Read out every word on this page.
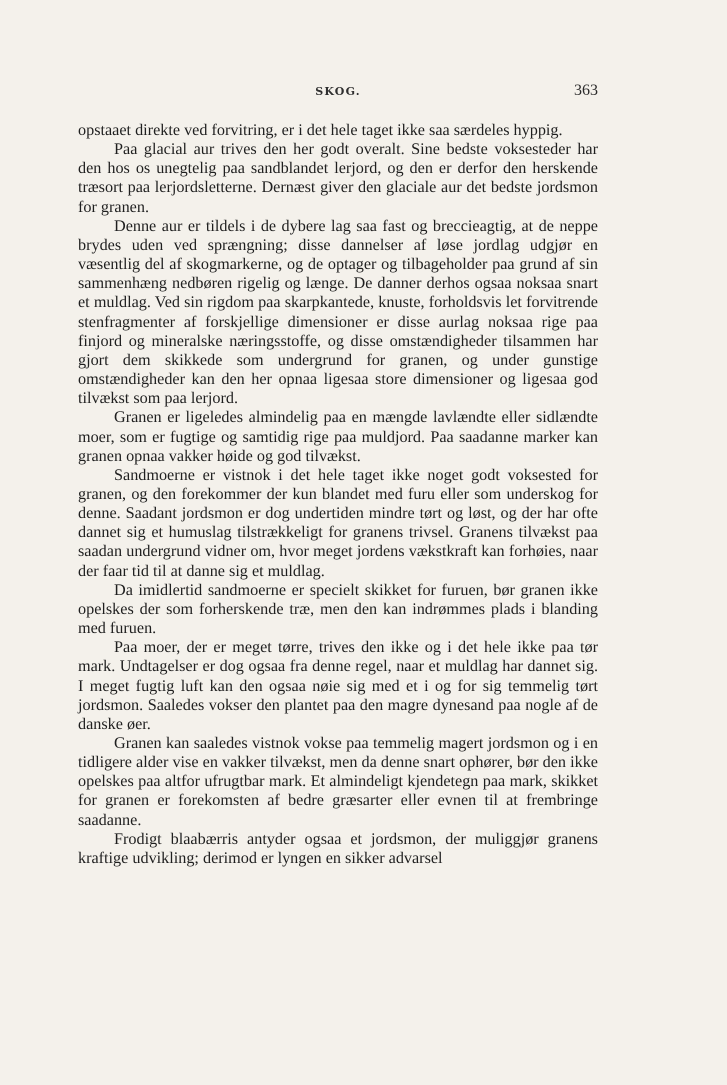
SKOG.	363

opstaaet direkte ved forvitring, er i det hele taget ikke saa særdeles hyppig.

Paa glacial aur trives den her godt overalt. Sine bedste voksesteder har den hos os unegtelig paa sandblandet lerjord, og den er derfor den herskende træsort paa lerjordsletterne. Dernæst giver den glaciale aur det bedste jordsmon for granen.

Denne aur er tildels i de dybere lag saa fast og breccieagtig, at de neppe brydes uden ved sprængning; disse dannelser af løse jordlag udgjør en væsentlig del af skogmarkerne, og de optager og tilbageholder paa grund af sin sammenhæng nedbøren rigelig og længe. De danner derhos ogsaa noksaa snart et muldlag. Ved sin rigdom paa skarpkantede, knuste, forholdsvis let forvitrende stenfragmenter af forskjellige dimensioner er disse aurlag noksaa rige paa finjord og mineralske næringsstoffe, og disse omstændigheder tilsammen har gjort dem skikkede som undergrund for granen, og under gunstige omstændigheder kan den her opnaa ligesaa store dimensioner og ligesaa god tilvækst som paa lerjord.

Granen er ligeledes almindelig paa en mængde lavlændte eller sidlændte moer, som er fugtige og samtidig rige paa muldjord. Paa saadanne marker kan granen opnaa vakker høide og god tilvækst.

Sandmoerne er vistnok i det hele taget ikke noget godt voksested for granen, og den forekommer der kun blandet med furu eller som underskog for denne. Saadant jordsmon er dog undertiden mindre tørt og løst, og der har ofte dannet sig et humuslag tilstrækkeligt for granens trivsel. Granens tilvækst paa saadan undergrund vidner om, hvor meget jordens vækstkraft kan forhøies, naar der faar tid til at danne sig et muldlag.

Da imidlertid sandmoerne er specielt skikket for furuen, bør granen ikke opelskes der som forherskende træ, men den kan indrømmes plads i blanding med furuen.

Paa moer, der er meget tørre, trives den ikke og i det hele ikke paa tør mark. Undtagelser er dog ogsaa fra denne regel, naar et muldlag har dannet sig. I meget fugtig luft kan den ogsaa nøie sig med et i og for sig temmelig tørt jordsmon. Saaledes vokser den plantet paa den magre dynesand paa nogle af de danske øer.

Granen kan saaledes vistnok vokse paa temmelig magert jordsmon og i en tidligere alder vise en vakker tilvækst, men da denne snart ophører, bør den ikke opelskes paa altfor ufrugtbar mark. Et almindeligt kjendetegn paa mark, skikket for granen er forekomsten af bedre græsarter eller evnen til at frembringe saadanne.

Frodigt blaabærris antyder ogsaa et jordsmon, der muliggjør granens kraftige udvikling; derimod er lyngen en sikker advarsel
